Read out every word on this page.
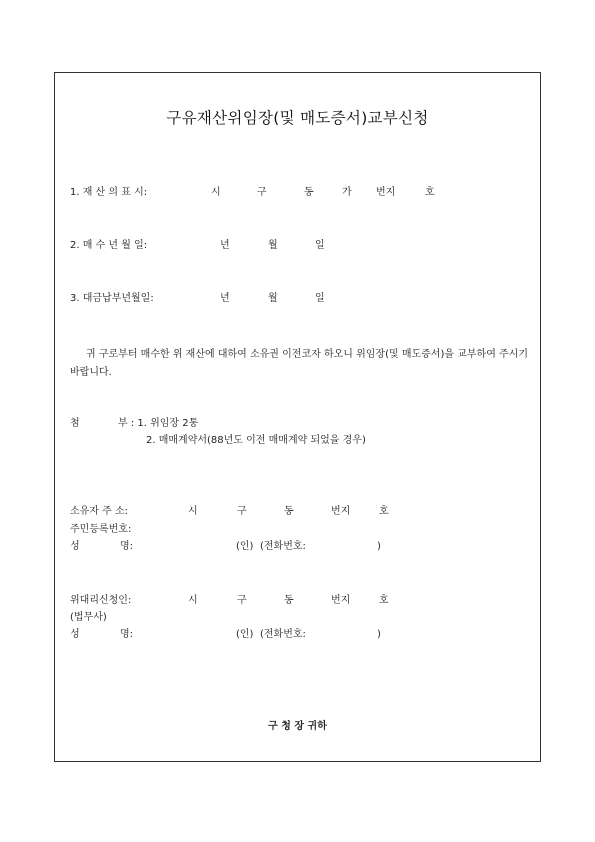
구유재산위임장(및 매도증서)교부신청
1. 재 산 의 표 시:	시	구	동	가 번지	호
2. 매 수 년 월 일:	년	월	일
3. 대금납부년월일:	년	월	일
귀 구로부터 매수한 위 재산에 대하여 소유권 이전코자 하오니 위임장(및 매도증서)을 교부하여 주시기 바랍니다.
첨	부 : 1. 위임장 2통
2. 매매계약서(88년도 이전 매매계약 되었을 경우)
소유자 주 소:	시	구	동	번지	호
주민등록번호:
성	명:	(인) (전화번호:	)
위대리신청인:	시	구	동	번지	호
(법무사)
성	명:	(인) (전화번호:	)
구 청 장 귀하
